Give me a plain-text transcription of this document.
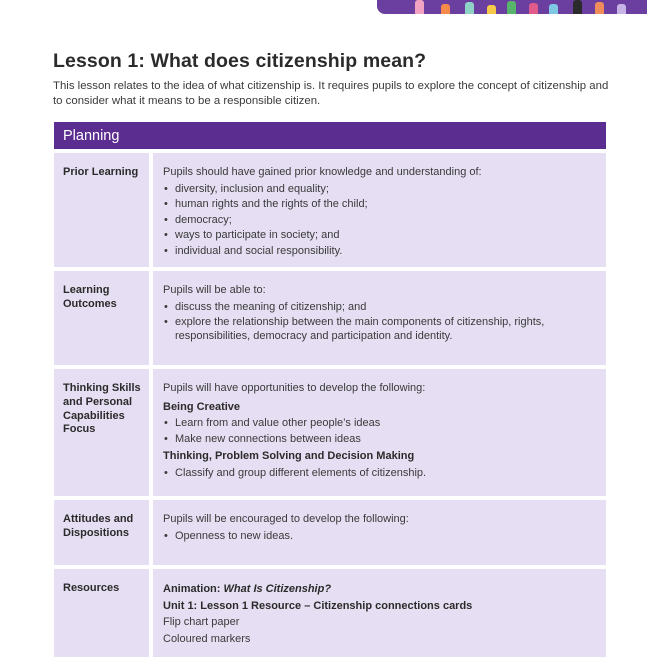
Lesson 1: What does citizenship mean?

This lesson relates to the idea of what citizenship is. It requires pupils to explore the concept of citizenship and to consider what it means to be a responsible citizen.

Planning
Prior Learning	Pupils should have gained prior knowledge and understanding of:

• diversity, inclusion and equality;
• human rights and the rights of the child;
• democracy;
• ways to participate in society; and
• individual and social responsibility.
Learning Outcomes

Pupils will be able to:

• discuss the meaning of citizenship; and
• explore the relationship between the main components of citizenship, rights, responsibilities, democracy and participation and identity.
Thinking Skills and Personal Capabilities Focus

Pupils will have opportunities to develop the following:

Being Creative

• Learn from and value other people’s ideas
• Make new connections between ideas

Thinking, Problem Solving and Decision Making

• Classify and group different elements of citizenship.
Attitudes and Dispositions

Pupils will be encouraged to develop the following:

• Openness to new ideas.
Resources	Animation: What Is Citizenship?

Unit 1: Lesson 1 Resource – Citizenship connections cards

Flip chart paper

Coloured markers
